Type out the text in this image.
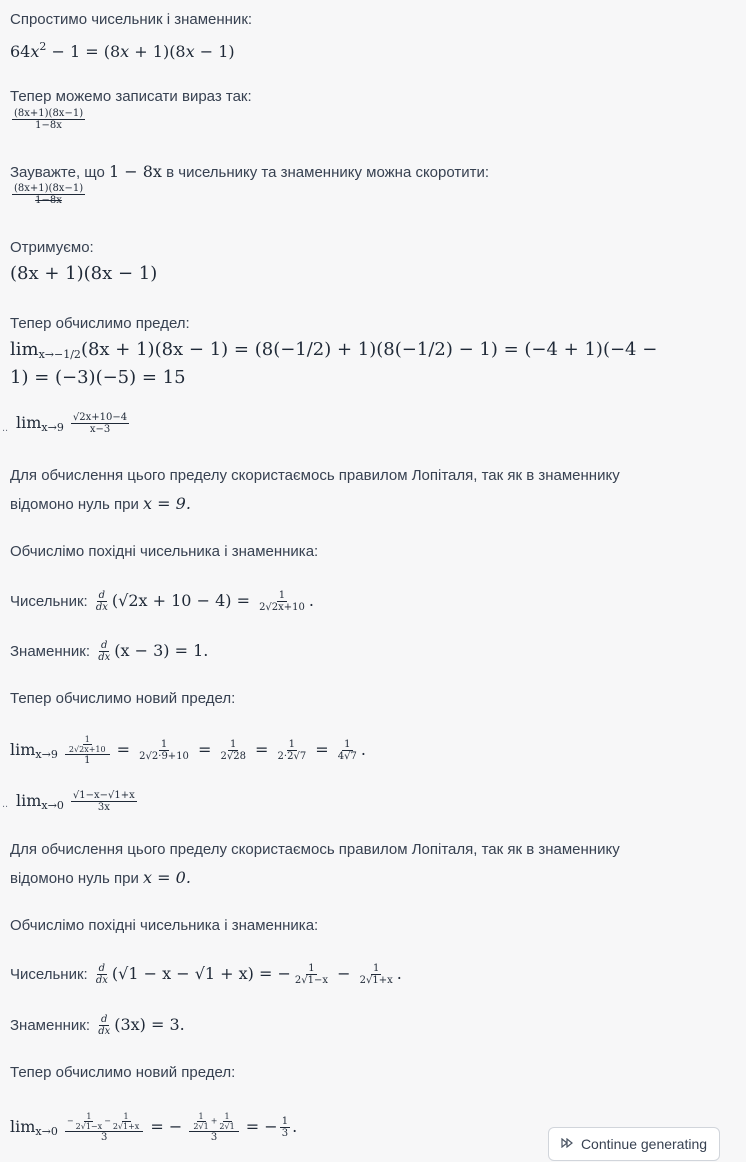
Спростимо чисельник і знаменник:
$64x^2 - 1 = (8x + 1)(8x - 1)$
Тепер можемо записати вираз так:
$\frac{(8x+1)(8x-1)}{1-8x}$
Зауважте, що 1 − 8x в чисельнику та знаменнику можна скоротити:
$\frac{(8x+1)(8x-1)}{1-8x}$
Отримуємо:
(8x + 1)(8x − 1)
Тепер обчислимо предел:
$\lim_{x\to-1/2}(8x + 1)(8x - 1) = (8(-1/2) + 1)(8(-1/2) - 1) = (-4 + 1)(-4$ −
1) = (−3)(−5) = 15
.. $\lim_{x\to 9} \frac{√2x+10-4}{x-3}$
Для обчислення цього пределу скористаємось правилом Лопіталя, так як в знаменнику
відомоно нуль при x = 9.
Обчислімо похідні чисельника і знаменника:
Чисельник: $\frac{d}{dx} (√2x + 10 - 4) = \frac{1}{2√2x+10}$ .
Знаменник: $\frac{d}{dx} (x - 3) = 1$.
Тепер обчислимо новий предел:
$\lim_{x\to 9} \frac{\frac{1}{2√2x+10}}{1} = \frac{1}{2√2\cdot 9+10} = \frac{1}{2√28} = \frac{1}{2\cdot 2√7} = \frac{1}{4√7}$ .
.. $\lim_{x\to 0} \frac{√1-x-√1+x}{3x}$
Для обчислення цього пределу скористаємось правилом Лопіталя, так як в знаменнику
відомоно нуль при x = 0.
Обчислімо похідні чисельника і знаменника:
Чисельник: $\frac{d}{dx} (√1 - x - √1 + x)$ = − $\frac{1}{2√1-x} - \frac{1}{2√1+x}$ .
Знаменник: $\frac{d}{dx} (3x) = 3$.
Тепер обчислимо новий предел:
$\lim_{x\to 0} \frac{- \frac{1}{2√1-x} - \frac{1}{2√1+x}}{3}$ = − $\frac{\frac{1}{2√1} + \frac{1}{2√1}}{3}$ = − $\frac{1}{3}$ .
Continue generating
